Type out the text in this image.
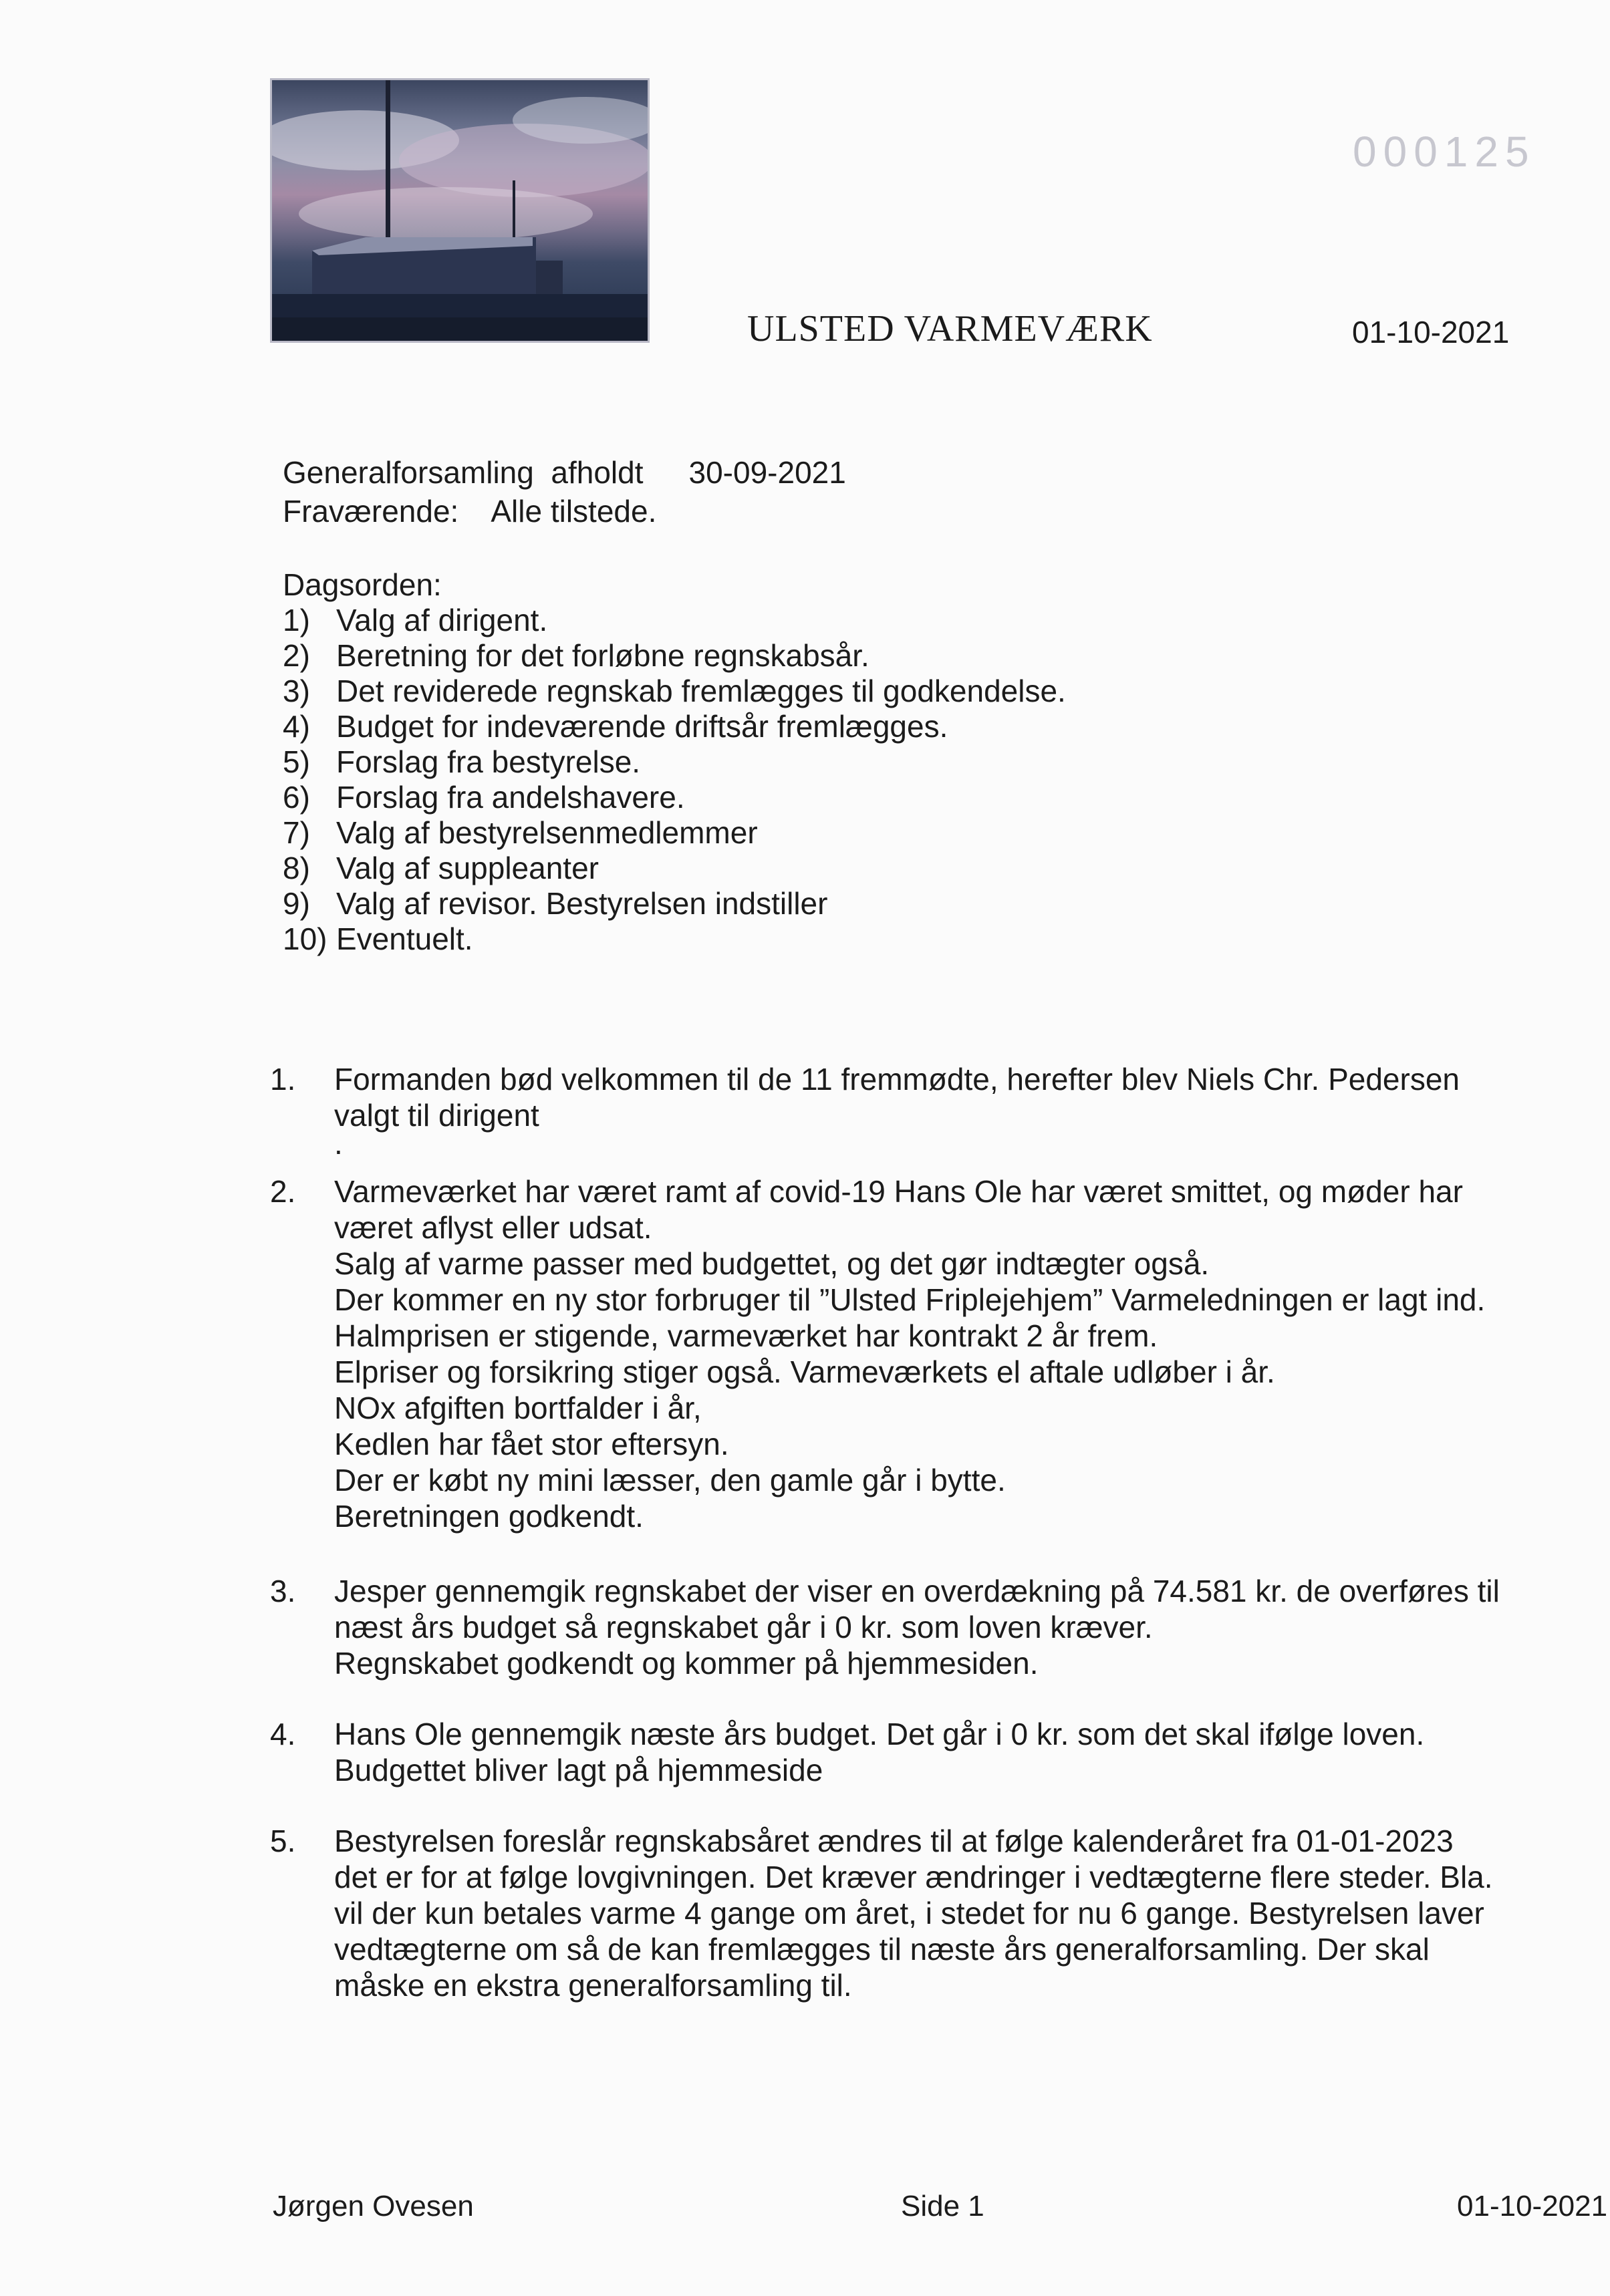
000125
ULSTED VARMEVÆRK	01-10-2021
Generalforsamling  afholdt 30-09-2021
Fraværende: Alle tilstede.
Dagsorden:
1) Valg af dirigent.
2) Beretning for det forløbne regnskabsår.
3) Det reviderede regnskab fremlægges til godkendelse.
4) Budget for indeværende driftsår fremlægges.
5) Forslag fra bestyrelse.
6) Forslag fra andelshavere.
7) Valg af bestyrelsenmedlemmer
8) Valg af suppleanter
9) Valg af revisor. Bestyrelsen indstiller
10) Eventuelt.
1.	Formanden bød velkommen til de 11 fremmødte, herefter blev Niels Chr. Pedersen
valgt til dirigent
.
2.	Varmeværket har været ramt af covid-19 Hans Ole har været smittet, og møder har
været aflyst eller udsat.
Salg af varme passer med budgettet, og det gør indtægter også.
Der kommer en ny stor forbruger til ”Ulsted Friplejehjem” Varmeledningen er lagt ind.
Halmprisen er stigende, varmeværket har kontrakt 2 år frem.
Elpriser og forsikring stiger også. Varmeværkets el aftale udløber i år.
NOx afgiften bortfalder i år,
Kedlen har fået stor eftersyn.
Der er købt ny mini læsser, den gamle går i bytte.
Beretningen godkendt.
3.	Jesper gennemgik regnskabet der viser en overdækning på 74.581 kr. de overføres til
næst års budget så regnskabet går i 0 kr. som loven kræver.
Regnskabet godkendt og kommer på hjemmesiden.
4.	Hans Ole gennemgik næste års budget. Det går i 0 kr. som det skal ifølge loven.
Budgettet bliver lagt på hjemmeside
5.	Bestyrelsen foreslår regnskabsåret ændres til at følge kalenderåret fra 01-01-2023
det er for at følge lovgivningen. Det kræver ændringer i vedtægterne flere steder. Bla.
vil der kun betales varme 4 gange om året, i stedet for nu 6 gange. Bestyrelsen laver
vedtægterne om så de kan fremlægges til næste års generalforsamling. Der skal
måske en ekstra generalforsamling til.
Jørgen Ovesen	Side 1	01-10-2021
